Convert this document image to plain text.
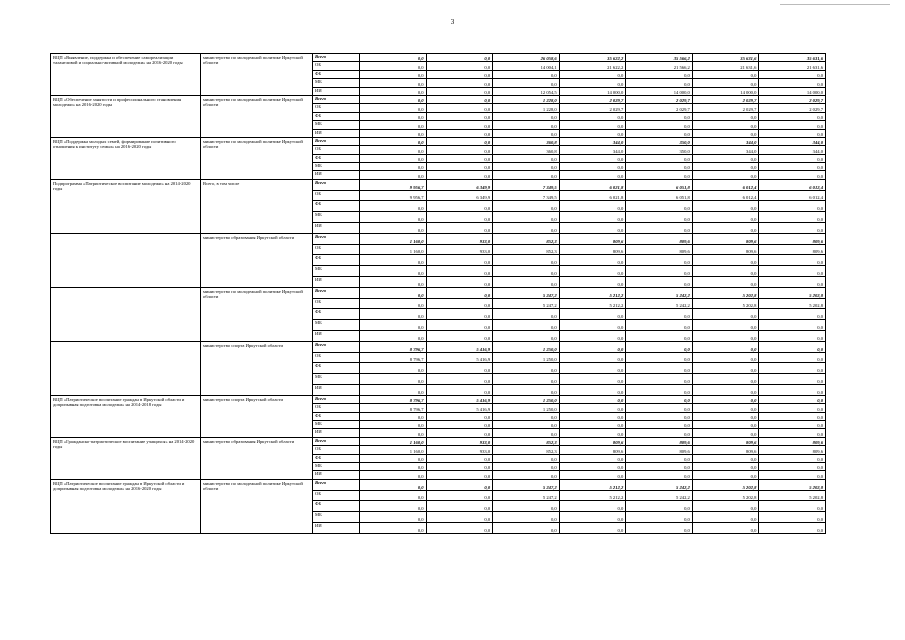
3
ВЦП «Выявление, поддержка и обеспечение самореализации талантливой и социально-активной молодежи» на 2016-2020 годы	министерство по молодежной политике Иркутской области	Всего	0,0	0,0	26 058,6	35 622,2	35 566,2	35 631,6	35 631,6
		ОБ	0,0	0,0	14 004,1	21 622,2	21 566,2	21 631,6	21 631,6
		ФБ	0,0	0,0	0,0	0,0	0,0	0,0	0,0
		МБ	0,0	0,0	0,0	0,0	0,0	0,0	0,0
		ИИ	0,0	0,0	12 054,5	14 000,0	14 000,0	14 000,0	14 000,0
ВЦП «Обеспечение занятости и профессионального становления молодежи» на 2016-2020 годы	министерство по молодежной политике Иркутской области	Всего	0,0	0,0	1 228,0	2 029,7	2 029,7	2 029,7	2 029,7
		ОБ	0,0	0,0	1 228,0	2 029,7	2 029,7	2 029,7	2 029,7
		ФБ	0,0	0,0	0,0	0,0	0,0	0,0	0,0
		МБ	0,0	0,0	0,0	0,0	0,0	0,0	0,0
		ИИ	0,0	0,0	0,0	0,0	0,0	0,0	0,0
ВЦП «Поддержка молодых семей, формирование позитивного отношения к институту семьи» на 2016-2020 годы	министерство по молодежной политике Иркутской области	Всего	0,0	0,0	360,8	344,0	350,0	344,0	344,0
		ОБ	0,0	0,0	360,8	344,0	350,0	344,0	344,0
		ФБ	0,0	0,0	0,0	0,0	0,0	0,0	0,0
		МБ	0,0	0,0	0,0	0,0	0,0	0,0	0,0
		ИИ	0,0	0,0	0,0	0,0	0,0	0,0	0,0
Подпрограмма «Патриотическое воспитание молодежи» на 2014-2020 годы	Всего, в том числе	Всего	9 956,7	6 349,9	7 349,5	6 021,8	6 051,8	6 012,4	6 012,4
		ОБ	9 956,7	6 349,9	7 349,5	6 021,8	6 051,8	6 012,4	6 012,4
		ФБ	0,0	0,0	0,0	0,0	0,0	0,0	0,0
		МБ	0,0	0,0	0,0	0,0	0,0	0,0	0,0
		ИИ	0,0	0,0	0,0	0,0	0,0	0,0	0,0
	министерство образования Иркутской области	Всего	1 160,0	933,0	852,3	809,6	809,6	809,6	809,6
		ОБ	1 160,0	933,0	852,3	809,6	809,6	809,6	809,6
		ФБ	0,0	0,0	0,0	0,0	0,0	0,0	0,0
		МБ	0,0	0,0	0,0	0,0	0,0	0,0	0,0
		ИИ	0,0	0,0	0,0	0,0	0,0	0,0	0,0
	министерство по молодежной политике Иркутской области	Всего	0,0	0,0	5 247,2	5 212,2	5 242,2	5 202,8	5 202,8
		ОБ	0,0	0,0	5 247,2	5 212,2	5 242,2	5 202,8	5 202,8
		ФБ	0,0	0,0	0,0	0,0	0,0	0,0	0,0
		МБ	0,0	0,0	0,0	0,0	0,0	0,0	0,0
		ИИ	0,0	0,0	0,0	0,0	0,0	0,0	0,0
	министерство спорта Иркутской области	Всего	8 796,7	5 416,9	1 250,0	0,0	0,0	0,0	0,0
		ОБ	8 796,7	5 416,9	1 250,0	0,0	0,0	0,0	0,0
		ФБ	0,0	0,0	0,0	0,0	0,0	0,0	0,0
		МБ	0,0	0,0	0,0	0,0	0,0	0,0	0,0
		ИИ	0,0	0,0	0,0	0,0	0,0	0,0	0,0
ВЦП «Патриотическое воспитание граждан в Иркутской области и допризывная подготовка молодежи» на 2014-2018 годы	министерство спорта Иркутской области	Всего	8 796,7	5 416,9	1 250,0	0,0	0,0	0,0	0,0
		ОБ	8 796,7	5 416,9	1 250,0	0,0	0,0	0,0	0,0
		ФБ	0,0	0,0	0,0	0,0	0,0	0,0	0,0
		МБ	0,0	0,0	0,0	0,0	0,0	0,0	0,0
		ИИ	0,0	0,0	0,0	0,0	0,0	0,0	0,0
ВЦП «Гражданско-патриотическое воспитание учащихся» на 2014-2020 годы	министерство образования Иркутской области	Всего	1 160,0	933,0	852,3	809,6	809,6	809,6	809,6
		ОБ	1 160,0	933,0	852,3	809,6	809,6	809,6	809,6
		ФБ	0,0	0,0	0,0	0,0	0,0	0,0	0,0
		МБ	0,0	0,0	0,0	0,0	0,0	0,0	0,0
		ИИ	0,0	0,0	0,0	0,0	0,0	0,0	0,0
ВЦП «Патриотическое воспитание граждан в Иркутской области и допризывная подготовка молодежи» на 2016-2020 годы	министерство по молодежной политике Иркутской области	Всего	0,0	0,0	5 247,2	5 212,2	5 242,2	5 202,8	5 202,8
		ОБ	0,0	0,0	5 247,2	5 212,2	5 242,2	5 202,8	5 202,8
		ФБ	0,0	0,0	0,0	0,0	0,0	0,0	0,0
		МБ	0,0	0,0	0,0	0,0	0,0	0,0	0,0
		ИИ	0,0	0,0	0,0	0,0	0,0	0,0	0,0
